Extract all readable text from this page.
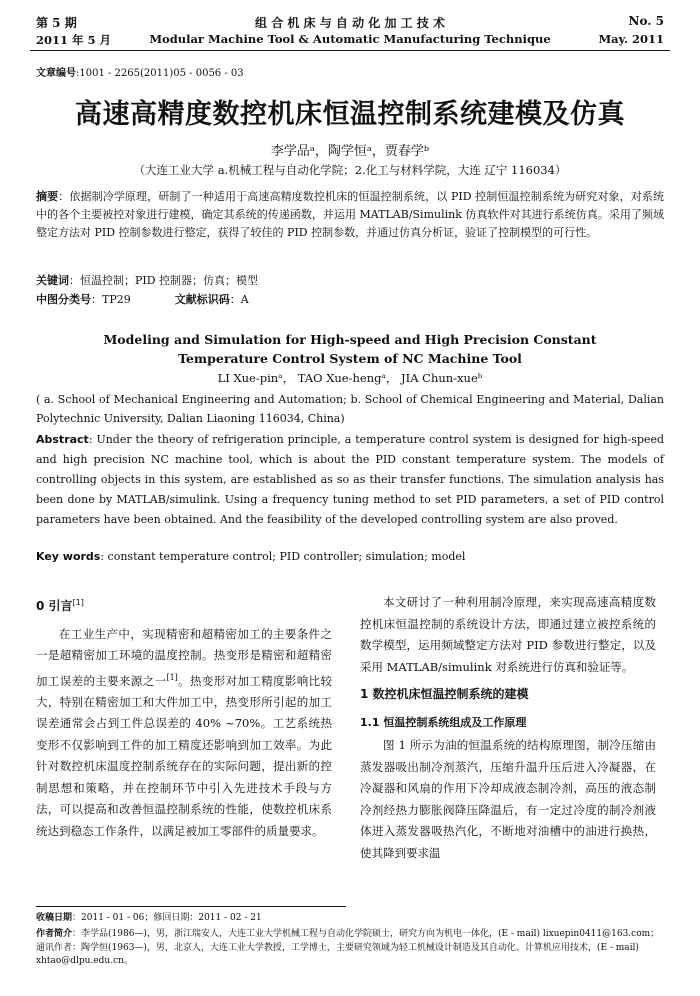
第 5 期	组 合 机 床 与 自 动 化 加 工 技 术	No. 5
2011 年 5 月	Modular Machine Tool & Automatic Manufacturing Technique	May. 2011
文章编号:1001 - 2265(2011)05 - 0056 - 03
高速高精度数控机床恒温控制系统建模及仿真
李学品ᵃ，陶学恒ᵃ，贾春学ᵇ
（大连工业大学 a.机械工程与自动化学院；2.化工与材料学院，大连 辽宁 116034）
摘要：依据制冷学原理，研制了一种适用于高速高精度数控机床的恒温控制系统，以 PID 控制恒温控制系统为研究对象，对系统中的各个主要被控对象进行建模，确定其系统的传递函数，并运用 MATLAB/Simulink 仿真软件对其进行系统仿真。采用了频域整定方法对 PID 控制参数进行整定，获得了较佳的 PID 控制参数，并通过仿真分析证，验证了控制模型的可行性。
关键词：恒温控制；PID 控制器；仿真；模型
中图分类号：TP29	文献标识码：A
Modeling and Simulation for High-speed and High Precision Constant
Temperature Control System of NC Machine Tool
LI Xue-pinᵃ， TAO Xue-hengᵃ， JIA Chun-xueᵇ
( a. School of Mechanical Engineering and Automation; b. School of Chemical Engineering and Material, Dalian Polytechnic University, Dalian Liaoning 116034, China)
Abstract: Under the theory of refrigeration principle, a temperature control system is designed for high-speed and high precision NC machine tool, which is about the PID constant temperature system. The models of controlling objects in this system, are established as so as their transfer functions. The simulation analysis has been done by MATLAB/simulink. Using a frequency tuning method to set PID parameters, a set of PID control parameters have been obtained. And the feasibility of the developed controlling system are also proved.
Key words: constant temperature control; PID controller; simulation; model
0 引言[1]

在工业生产中，实现精密和超精密加工的主要条件之一是超精密加工环境的温度控制。热变形是精密和超精密加工误差的主要来源之一[1]。热变形对加工精度影响比较大，特别在精密加工和大件加工中，热变形所引起的加工误差通常会占到工件总误差的 40% ~70%。工艺系统热变形不仅影响到工件的加工精度还影响到加工效率。为此针对数控机床温度控制系统存在的实际问题，提出新的控制思想和策略，并在控制环节中引入先进技术手段与方法，可以提高和改善恒温控制系统的性能，使数控机床系统达到稳态工作条件，以满足被加工零部件的质量要求。

本文研讨了一种利用制冷原理，来实现高速高精度数控机床恒温控制的系统设计方法，即通过建立被控系统的数学模型，运用频域整定方法对 PID 参数进行整定，以及采用 MATLAB/simulink 对系统进行仿真和验证等。

1 数控机床恒温控制系统的建模
1.1 恒温控制系统组成及工作原理

图 1 所示为油的恒温系统的结构原理图，制冷压缩由蒸发器吸出制冷剂蒸汽，压缩升温升压后进入冷凝器，在冷凝器和风扇的作用下冷却成液态制冷剂，高压的液态制冷剂经热力膨胀阀降压降温后，有一定过冷度的制冷剂液体进入蒸发器吸热汽化，不断地对油槽中的油进行换热，使其降到要求温

收稿日期：2011 - 01 - 06；修回日期：2011 - 02 - 21
作者简介：李学品(1986—)，男，浙江瑞安人，大连工业大学机械工程与自动化学院硕士，研究方向为机电一体化，(E - mail) lixuepin0411@163.com；通讯作者：陶学恒(1963—)，男，北京人，大连工业大学教授，工学博士，主要研究领域为轻工机械设计制造及其自动化、计算机应用技术，(E - mail) xhtao@dlpu.edu.cn。
